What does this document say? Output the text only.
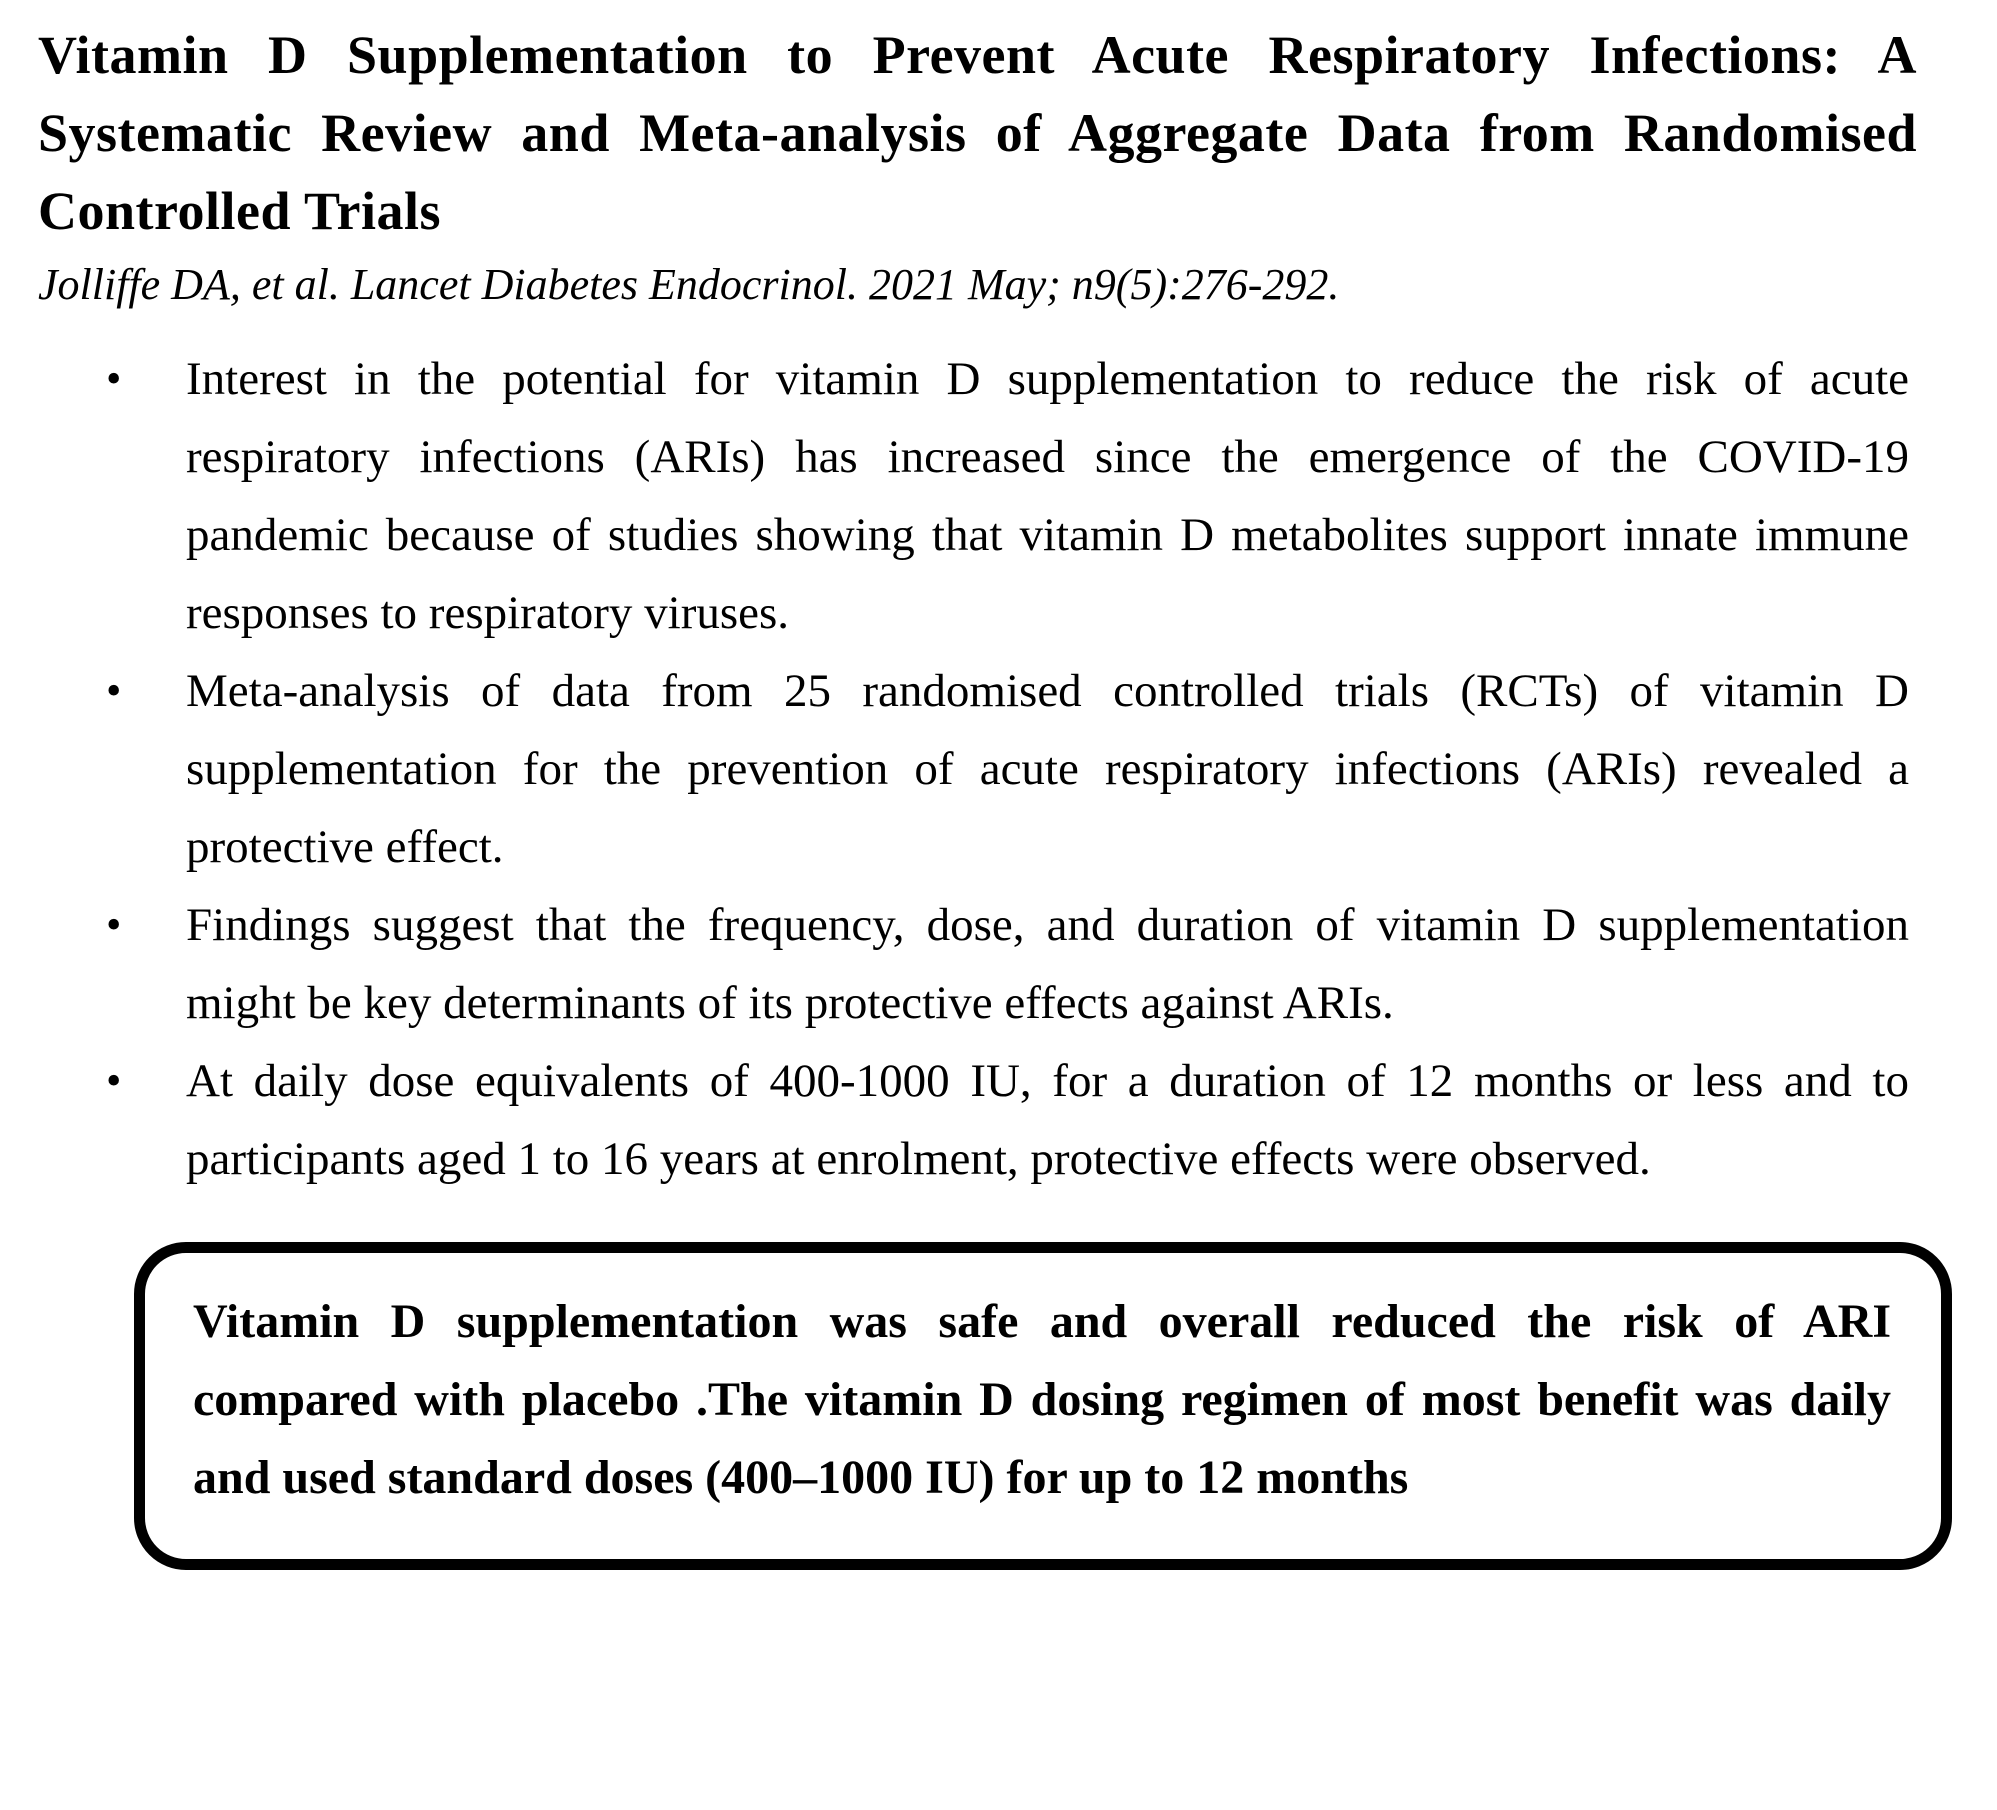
Vitamin D Supplementation to Prevent Acute Respiratory Infections: A Systematic Review and Meta-analysis of Aggregate Data from Randomised Controlled Trials
Jolliffe DA, et al. Lancet Diabetes Endocrinol. 2021 May; n9(5):276-292.
•	Interest in the potential for vitamin D supplementation to reduce the risk of acute respiratory infections (ARIs) has increased since the emergence of the COVID-19 pandemic because of studies showing that vitamin D metabolites support innate immune responses to respiratory viruses.
•	Meta-analysis of data from 25 randomised controlled trials (RCTs) of vitamin D supplementation for the prevention of acute respiratory infections (ARIs) revealed a protective effect.
•	Findings suggest that the frequency, dose, and duration of vitamin D supplementation might be key determinants of its protective effects against ARIs.
•	At daily dose equivalents of 400-1000 IU, for a duration of 12 months or less and to participants aged 1 to 16 years at enrolment, protective effects were observed.

Vitamin D supplementation was safe and overall reduced the risk of ARI compared with placebo .The vitamin D dosing regimen of most benefit was daily and used standard doses (400–1000 IU) for up to 12 months
